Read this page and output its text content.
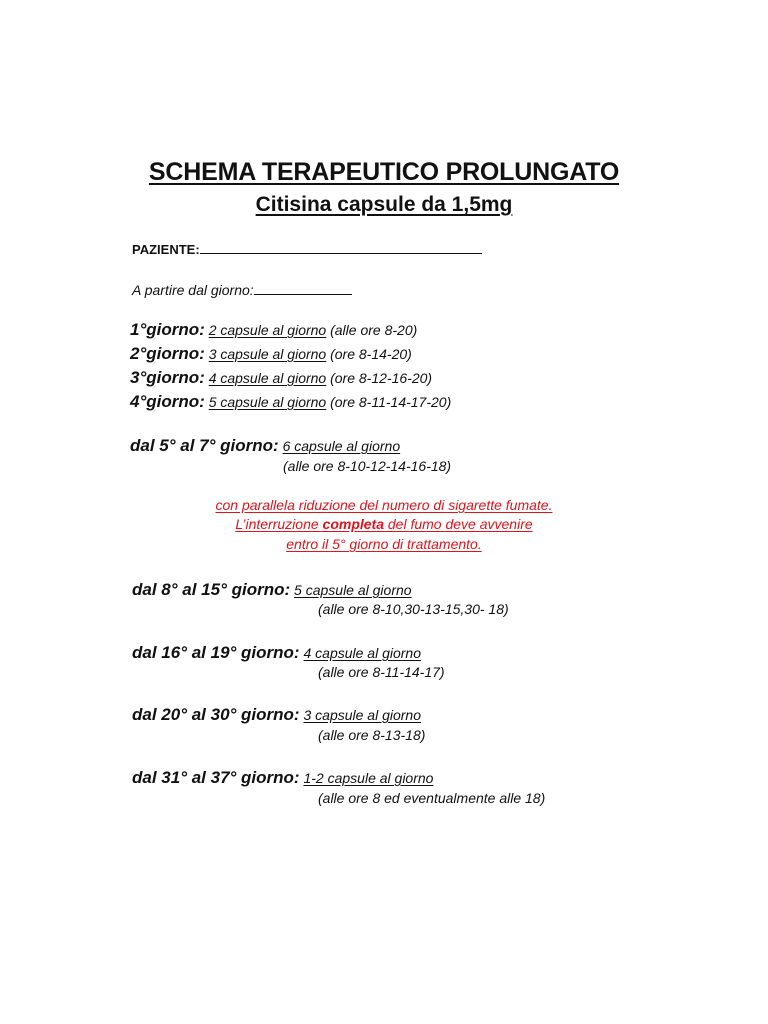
SCHEMA TERAPEUTICO PROLUNGATO
Citisina capsule da 1,5mg
PAZIENTE:
A partire dal giorno:
1°giorno: 2 capsule al giorno (alle ore 8-20)
2°giorno: 3 capsule al giorno (ore 8-14-20)
3°giorno: 4 capsule al giorno (ore 8-12-16-20)
4°giorno: 5 capsule al giorno (ore 8-11-14-17-20)
dal 5° al 7° giorno: 6 capsule al giorno
(alle ore 8-10-12-14-16-18)
con parallela riduzione del numero di sigarette fumate.
L’interruzione completa del fumo deve avvenire
entro il 5° giorno di trattamento.
dal 8° al 15° giorno: 5 capsule al giorno
(alle ore 8-10,30-13-15,30- 18)
dal 16° al 19° giorno: 4 capsule al giorno
(alle ore 8-11-14-17)
dal 20° al 30° giorno: 3 capsule al giorno
(alle ore 8-13-18)
dal 31° al 37° giorno: 1-2 capsule al giorno
(alle ore 8 ed eventualmente alle 18)
